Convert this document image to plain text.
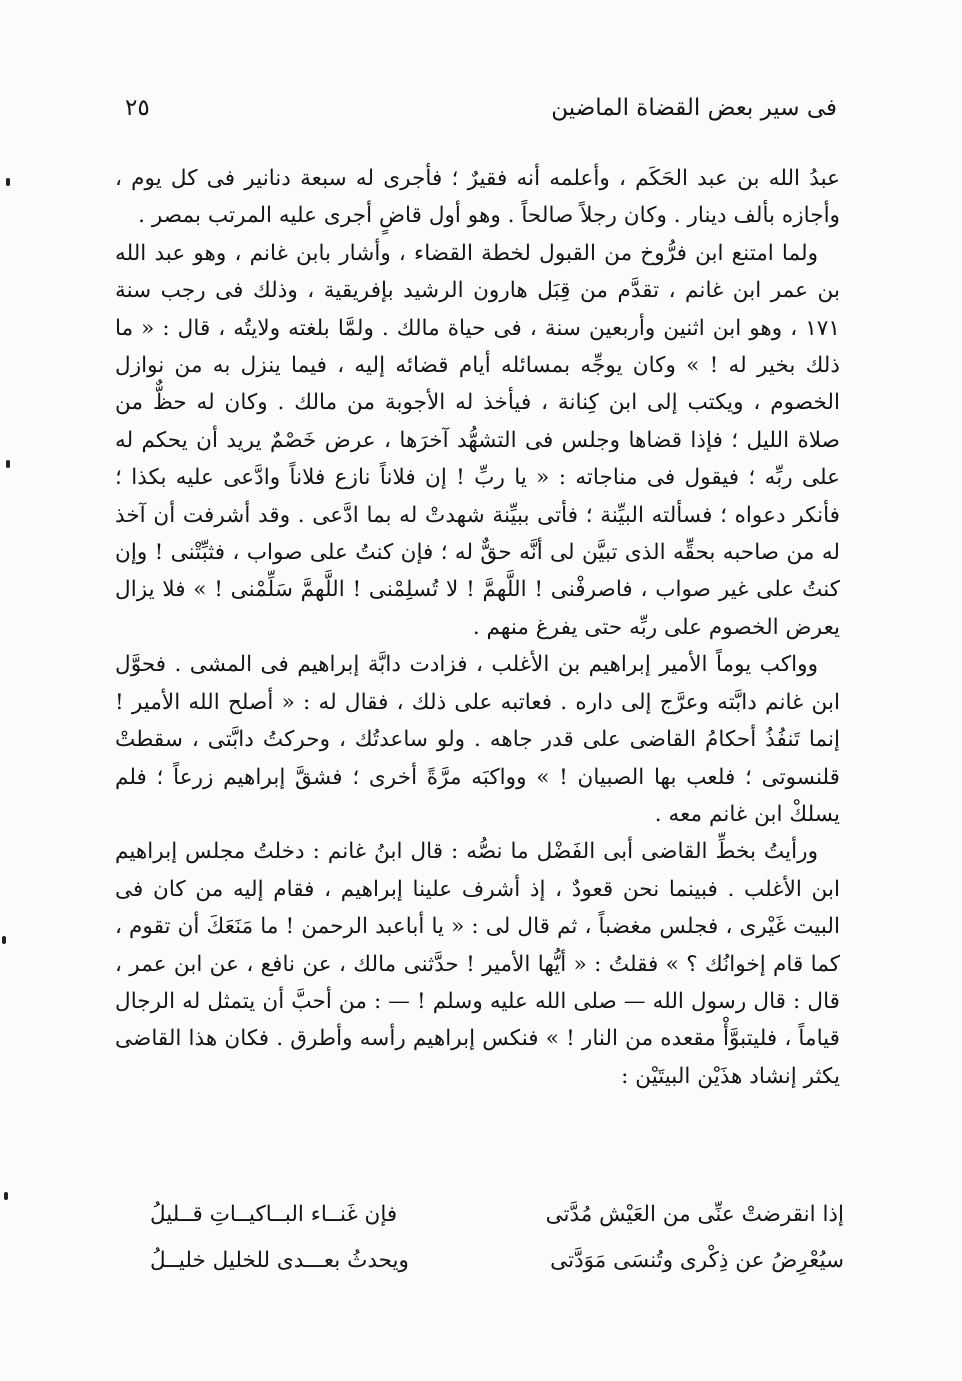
فى سير بعض القضاة الماضين
٢٥

عبدُ الله بن عبد الحَكَم ، وأعلمه أنه فقيرٌ ؛ فأجرى له سبعة دنانير فى كل يوم ، وأجازه بألف دينار . وكان رجلاً صالحاً . وهو أول قاضٍ أجرى عليه المرتب بمصر .

ولما امتنع ابن فرُّوخ من القبول لخطة القضاء ، وأشار بابن غانم ، وهو عبد الله بن عمر ابن غانم ، تقدَّم من قِبَل هارون الرشيد بإفريقية ، وذلك فى رجب سنة ١٧١ ، وهو ابن اثنين وأربعين سنة ، فى حياة مالك . ولمَّا بلغته ولايتُه ، قال : « ما ذلك بخير له ! » وكان يوجِّه بمسائله أيام قضائه إليه ، فيما ينزل به من نوازل الخصوم ، ويكتب إلى ابن كِنانة ، فيأخذ له الأجوبة من مالك . وكان له حظٌّ من صلاة الليل ؛ فإذا قضاها وجلس فى التشهُّد آخرَها ، عرض خَصْمٌ يريد أن يحكم له على ربِّه ؛ فيقول فى مناجاته : « يا ربِّ ! إن فلاناً نازع فلاناً وادَّعى عليه بكذا ؛ فأنكر دعواه ؛ فسألته البيِّنة ؛ فأتى ببيِّنة شهدتْ له بما ادَّعى . وقد أشرفت أن آخذ له من صاحبه بحقِّه الذى تبيَّن لى أنَّه حقٌّ له ؛ فإن كنتُ على صواب ، فثبِّتْنى ! وإن كنتُ على غير صواب ، فاصرفْنى ! اللَّهمَّ ! لا تُسلِمْنى ! اللَّهمَّ سَلِّمْنى ! » فلا يزال يعرض الخصوم على ربِّه حتى يفرغ منهم .

وواكب يوماً الأمير إبراهيم بن الأغلب ، فزادت دابَّة إبراهيم فى المشى . فحوَّل ابن غانم دابَّته وعرَّج إلى داره . فعاتبه على ذلك ، فقال له : « أصلح الله الأمير ! إنما تَنفُذُ أحكامُ القاضى على قدر جاهه . ولو ساعدتُك ، وحركتُ دابَّتى ، سقطتْ قلنسوتى ؛ فلعب بها الصبيان ! » وواكبَه مرَّةً أخرى ؛ فشقَّ إبراهيم زرعاً ؛ فلم يسلكْ ابن غانم معه .

ورأيتُ بخطِّ القاضى أبى الفَضْل ما نصُّه : قال ابنُ غانم : دخلتُ مجلس إبراهيم ابن الأغلب . فبينما نحن قعودٌ ، إذ أشرف علينا إبراهيم ، فقام إليه من كان فى البيت غَيْرى ، فجلس مغضباً ، ثم قال لى : « يا أباعبد الرحمن ! ما مَنَعَكَ أن تقوم ، كما قام إخوانُك ؟ » فقلتُ : « أيُّها الأمير ! حدَّثنى مالك ، عن نافع ، عن ابن عمر ، قال : قال رسول الله — صلى الله عليه وسلم ! — : من أحبَّ أن يتمثل له الرجال قياماً ، فليتبوَّأْ مقعده من النار ! » فنكس إبراهيم رأسه وأطرق . فكان هذا القاضى يكثر إنشاد هذَيْن البيتَيْن :

إذا انقرضتْ عنِّى من العَيْش مُدَّتى
فإن غَنــاء البــاكيــاتِ قــليلُ
سيُعْرِضُ عن ذِكْرى وتُنسَى مَوَدَّتى
ويحدثُ بعـــدى للخليل خليــلُ
